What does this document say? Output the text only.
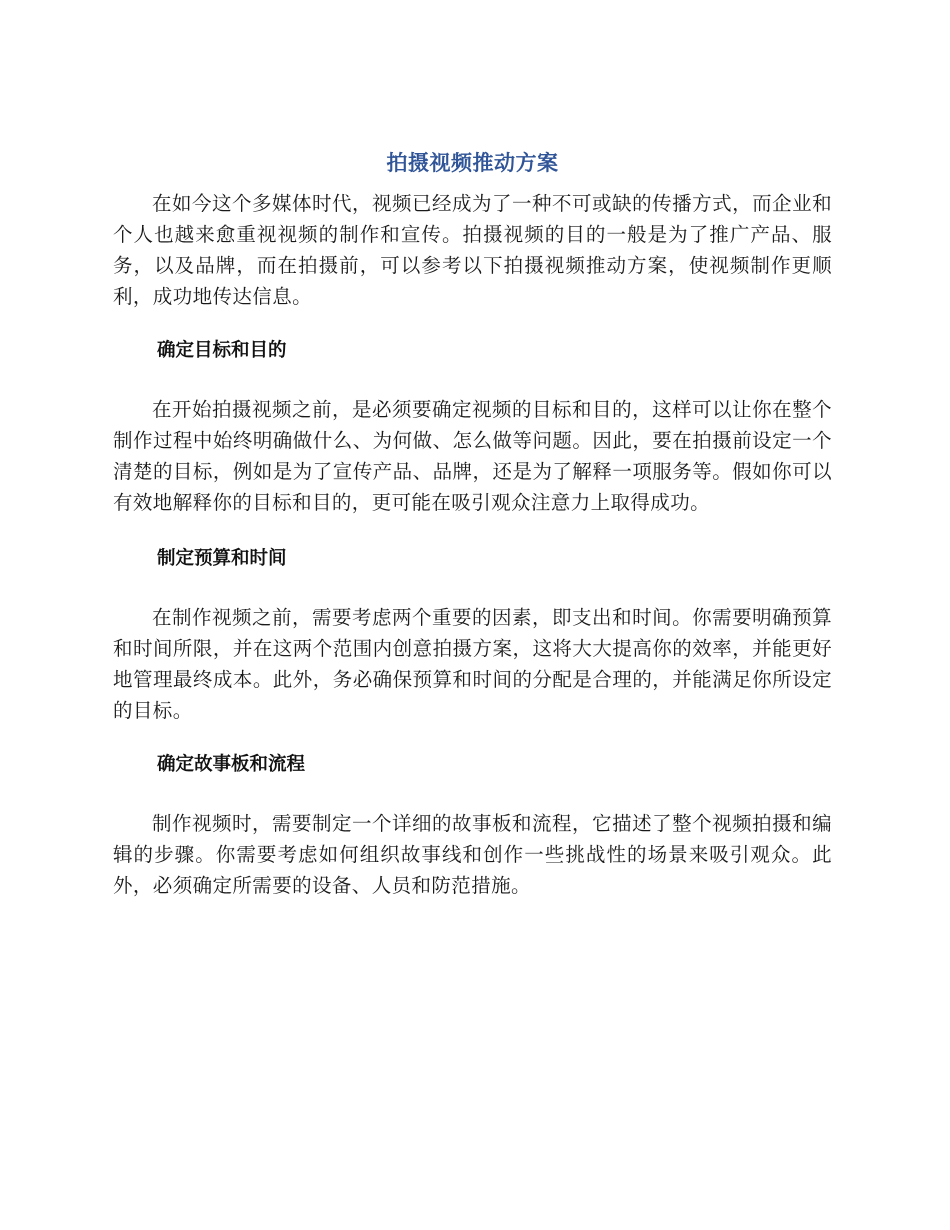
拍摄视频推动方案

在如今这个多媒体时代，视频已经成为了一种不可或缺的传播方式，而企业和个人也越来愈重视视频的制作和宣传。拍摄视频的目的一般是为了推广产品、服务，以及品牌，而在拍摄前，可以参考以下拍摄视频推动方案，使视频制作更顺利，成功地传达信息。

确定目标和目的

在开始拍摄视频之前，是必须要确定视频的目标和目的，这样可以让你在整个制作过程中始终明确做什么、为何做、怎么做等问题。因此，要在拍摄前设定一个清楚的目标，例如是为了宣传产品、品牌，还是为了解释一项服务等。假如你可以有效地解释你的目标和目的，更可能在吸引观众注意力上取得成功。

制定预算和时间

在制作视频之前，需要考虑两个重要的因素，即支出和时间。你需要明确预算和时间所限，并在这两个范围内创意拍摄方案，这将大大提高你的效率，并能更好地管理最终成本。此外，务必确保预算和时间的分配是合理的，并能满足你所设定的目标。

确定故事板和流程

制作视频时，需要制定一个详细的故事板和流程，它描述了整个视频拍摄和编辑的步骤。你需要考虑如何组织故事线和创作一些挑战性的场景来吸引观众。此外，必须确定所需要的设备、人员和防范措施。
